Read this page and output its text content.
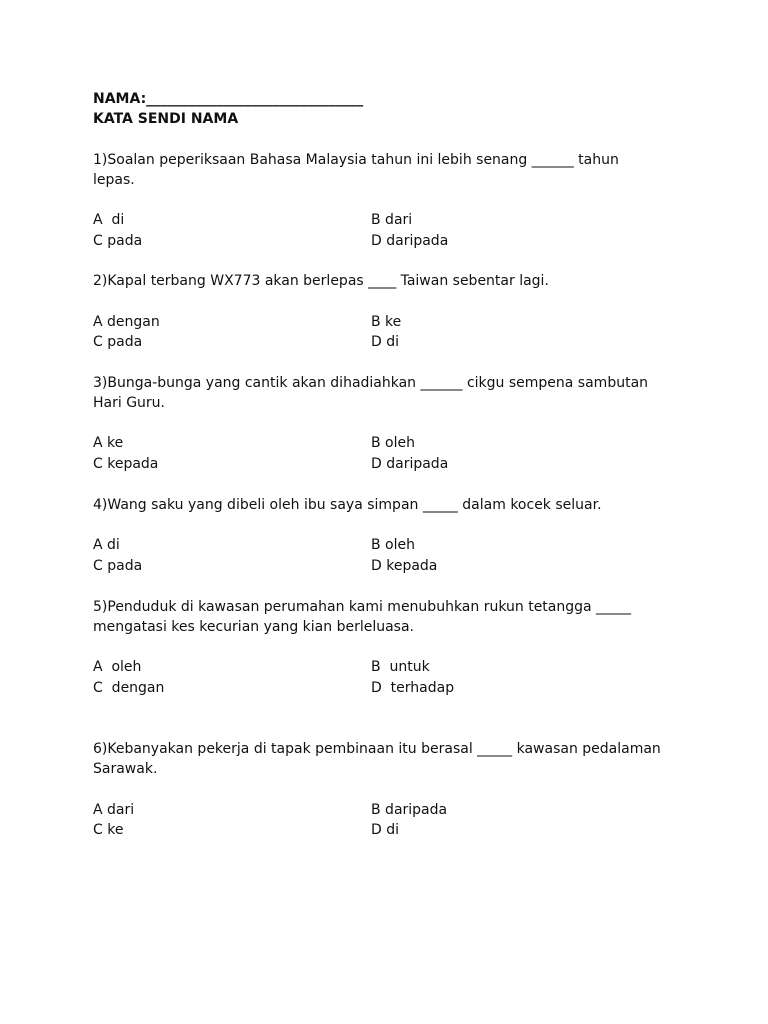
NAMA:_______________________________
KATA SENDI NAMA
1)Soalan peperiksaan Bahasa Malaysia tahun ini lebih senang ______ tahun
lepas.
A  di	B dari
C pada	D daripada
2)Kapal terbang WX773 akan berlepas ____ Taiwan sebentar lagi.
A dengan	B ke
C pada	D di
3)Bunga-bunga yang cantik akan dihadiahkan ______ cikgu sempena sambutan
Hari Guru.
A ke	B oleh
C kepada	D daripada
4)Wang saku yang dibeli oleh ibu saya simpan _____ dalam kocek seluar.
A di	B oleh
C pada	D kepada
5)Penduduk di kawasan perumahan kami menubuhkan rukun tetangga _____
mengatasi kes kecurian yang kian berleluasa.
A  oleh	B  untuk
C  dengan	D  terhadap
6)Kebanyakan pekerja di tapak pembinaan itu berasal _____ kawasan pedalaman
Sarawak.
A dari	B daripada
C ke	D di
